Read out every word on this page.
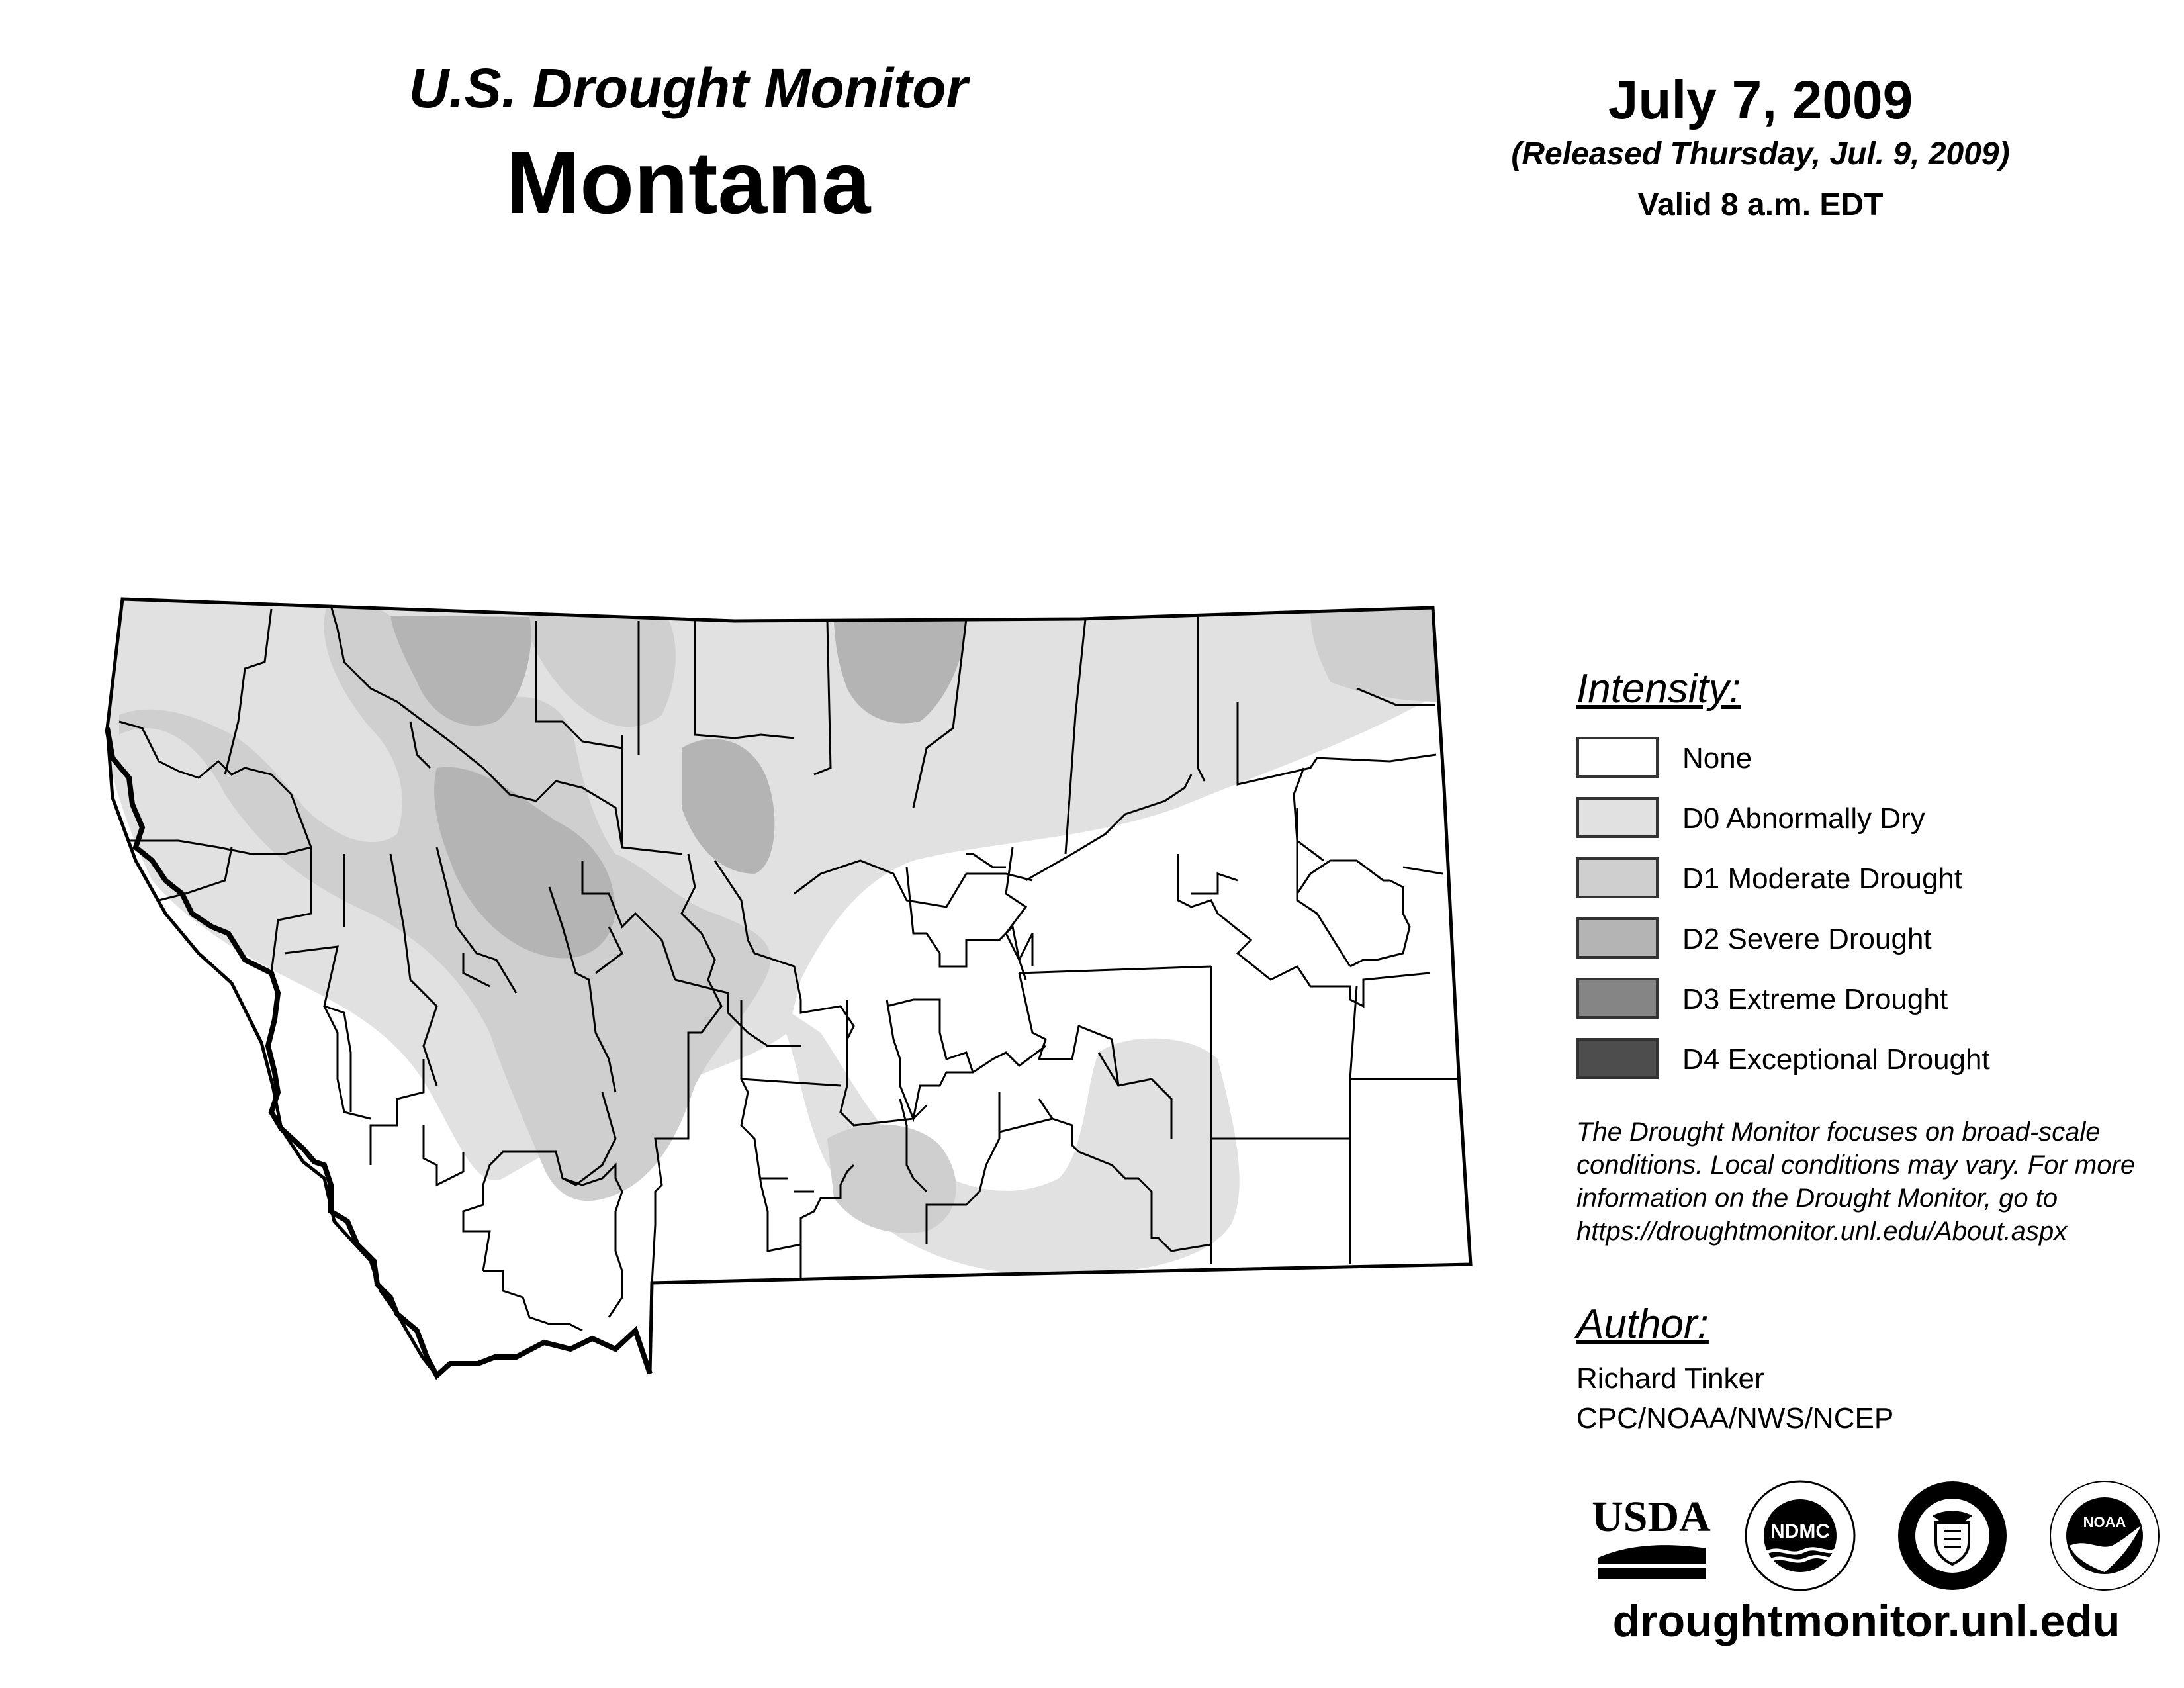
U.S. Drought Monitor
Montana
July 7, 2009
(Released Thursday, Jul. 9, 2009)
Valid 8 a.m. EDT
Intensity:
None
D0 Abnormally Dry
D1 Moderate Drought
D2 Severe Drought
D3 Extreme Drought
D4 Exceptional Drought
The Drought Monitor focuses on broad-scale
conditions. Local conditions may vary. For more
information on the Drought Monitor, go to
https://droughtmonitor.unl.edu/About.aspx
Author:
Richard Tinker
CPC/NOAA/NWS/NCEP
USDA	NDMC	NOAA
droughtmonitor.unl.edu
